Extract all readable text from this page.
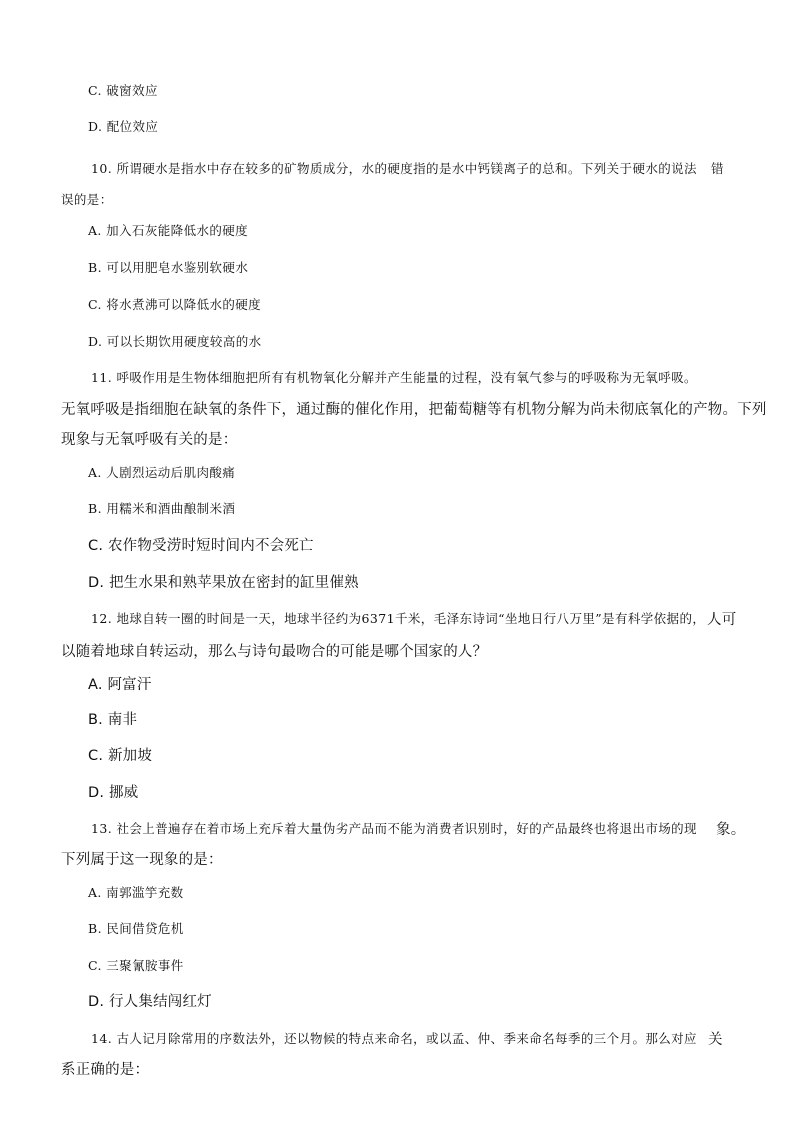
C. 破窗效应
D. 配位效应
10. 所谓硬水是指水中存在较多的矿物质成分，水的硬度指的是水中钙镁离子的总和。下列关于硬水的说法 错
误的是：
A. 加入石灰能降低水的硬度
B. 可以用肥皂水鉴别软硬水
C. 将水煮沸可以降低水的硬度
D. 可以长期饮用硬度较高的水
11. 呼吸作用是生物体细胞把所有有机物氧化分解并产生能量的过程，没有氧气参与的呼吸称为无氧呼吸。
无氧呼吸是指细胞在缺氧的条件下，通过酶的催化作用，把葡萄糖等有机物分解为尚未彻底氧化的产物。下列
现象与无氧呼吸有关的是：
A. 人剧烈运动后肌肉酸痛
B. 用糯米和酒曲酿制米酒
C. 农作物受涝时短时间内不会死亡
D. 把生水果和熟苹果放在密封的缸里催熟
12. 地球自转一圈的时间是一天，地球半径约为6371千米，毛泽东诗词“坐地日行八万里”是有科学依据的， 人可
以随着地球自转运动，那么与诗句最吻合的可能是哪个国家的人？
A. 阿富汗
B. 南非
C. 新加坡
D. 挪威
13. 社会上普遍存在着市场上充斥着大量伪劣产品而不能为消费者识别时，好的产品最终也将退出市场的现 象。
下列属于这一现象的是：
A. 南郭滥竽充数
B. 民间借贷危机
C. 三聚氰胺事件
D. 行人集结闯红灯
14. 古人记月除常用的序数法外，还以物候的特点来命名，或以孟、仲、季来命名每季的三个月。那么对应 关
系正确的是：
